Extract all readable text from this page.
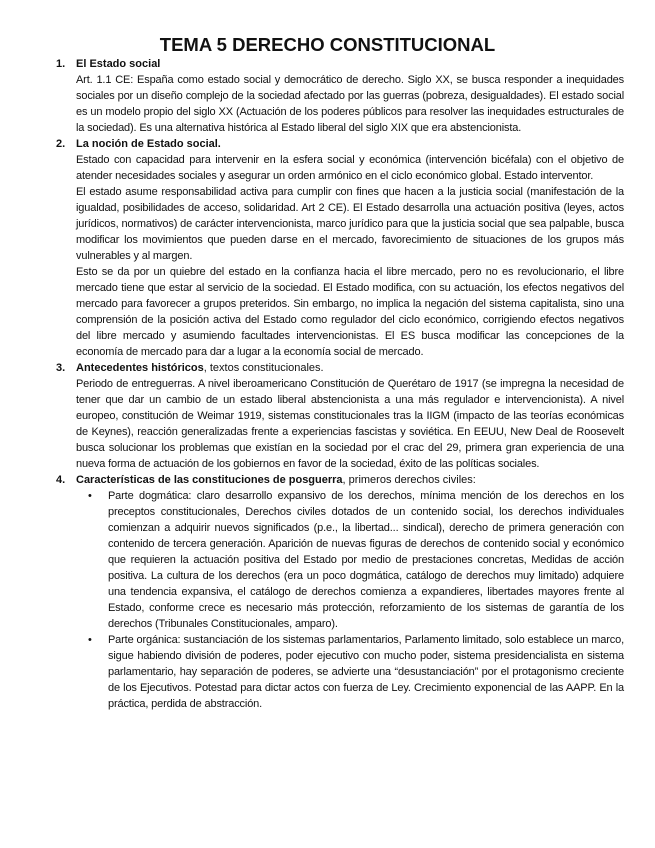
TEMA 5 DERECHO CONSTITUCIONAL
1. El Estado social

Art. 1.1 CE: España como estado social y democrático de derecho. Siglo XX, se busca responder a inequidades sociales por un diseño complejo de la sociedad afectado por las guerras (pobreza, desigualdades). El estado social es un modelo propio del siglo XX (Actuación de los poderes públicos para resolver las inequidades estructurales de la sociedad). Es una alternativa histórica al Estado liberal del siglo XIX que era abstencionista.

2. La noción de Estado social.

Estado con capacidad para intervenir en la esfera social y económica (intervención bicéfala) con el objetivo de atender necesidades sociales y asegurar un orden armónico en el ciclo económico global. Estado interventor.

El estado asume responsabilidad activa para cumplir con fines que hacen a la justicia social (manifestación de la igualdad, posibilidades de acceso, solidaridad. Art 2 CE). El Estado desarrolla una actuación positiva (leyes, actos jurídicos, normativos) de carácter intervencionista, marco jurídico para que la justicia social que sea palpable, busca modificar los movimientos que pueden darse en el mercado, favorecimiento de situaciones de los grupos más vulnerables y al margen.

Esto se da por un quiebre del estado en la confianza hacia el libre mercado, pero no es revolucionario, el libre mercado tiene que estar al servicio de la sociedad. El Estado modifica, con su actuación, los efectos negativos del mercado para favorecer a grupos preteridos. Sin embargo, no implica la negación del sistema capitalista, sino una comprensión de la posición activa del Estado como regulador del ciclo económico, corrigiendo efectos negativos del libre mercado y asumiendo facultades intervencionistas. El ES busca modificar las concepciones de la economía de mercado para dar a lugar a la economía social de mercado.

3. Antecedentes históricos, textos constitucionales.

Periodo de entreguerras. A nivel iberoamericano Constitución de Querétaro de 1917 (se impregna la necesidad de tener que dar un cambio de un estado liberal abstencionista a una más regulador e intervencionista). A nivel europeo, constitución de Weimar 1919, sistemas constitucionales tras la IIGM (impacto de las teorías económicas de Keynes), reacción generalizadas frente a experiencias fascistas y soviética. En EEUU, New Deal de Roosevelt busca solucionar los problemas que existían en la sociedad por el crac del 29, primera gran experiencia de una nueva forma de actuación de los gobiernos en favor de la sociedad, éxito de las políticas sociales.

4. Características de las constituciones de posguerra, primeros derechos civiles:

• Parte dogmática: claro desarrollo expansivo de los derechos, mínima mención de los derechos en los preceptos constitucionales, Derechos civiles dotados de un contenido social, los derechos individuales comienzan a adquirir nuevos significados (p.e., la libertad... sindical), derecho de primera generación con contenido de tercera generación. Aparición de nuevas figuras de derechos de contenido social y económico que requieren la actuación positiva del Estado por medio de prestaciones concretas, Medidas de acción positiva. La cultura de los derechos (era un poco dogmática, catálogo de derechos muy limitado) adquiere una tendencia expansiva, el catálogo de derechos comienza a expandieres, libertades mayores frente al Estado, conforme crece es necesario más protección, reforzamiento de los sistemas de garantía de los derechos (Tribunales Constitucionales, amparo).

• Parte orgánica: sustanciación de los sistemas parlamentarios, Parlamento limitado, solo establece un marco, sigue habiendo división de poderes, poder ejecutivo con mucho poder, sistema presidencialista en sistema parlamentario, hay separación de poderes, se advierte una “desustanciación” por el protagonismo creciente de los Ejecutivos. Potestad para dictar actos con fuerza de Ley. Crecimiento exponencial de las AAPP. En la práctica, perdida de abstracción.
